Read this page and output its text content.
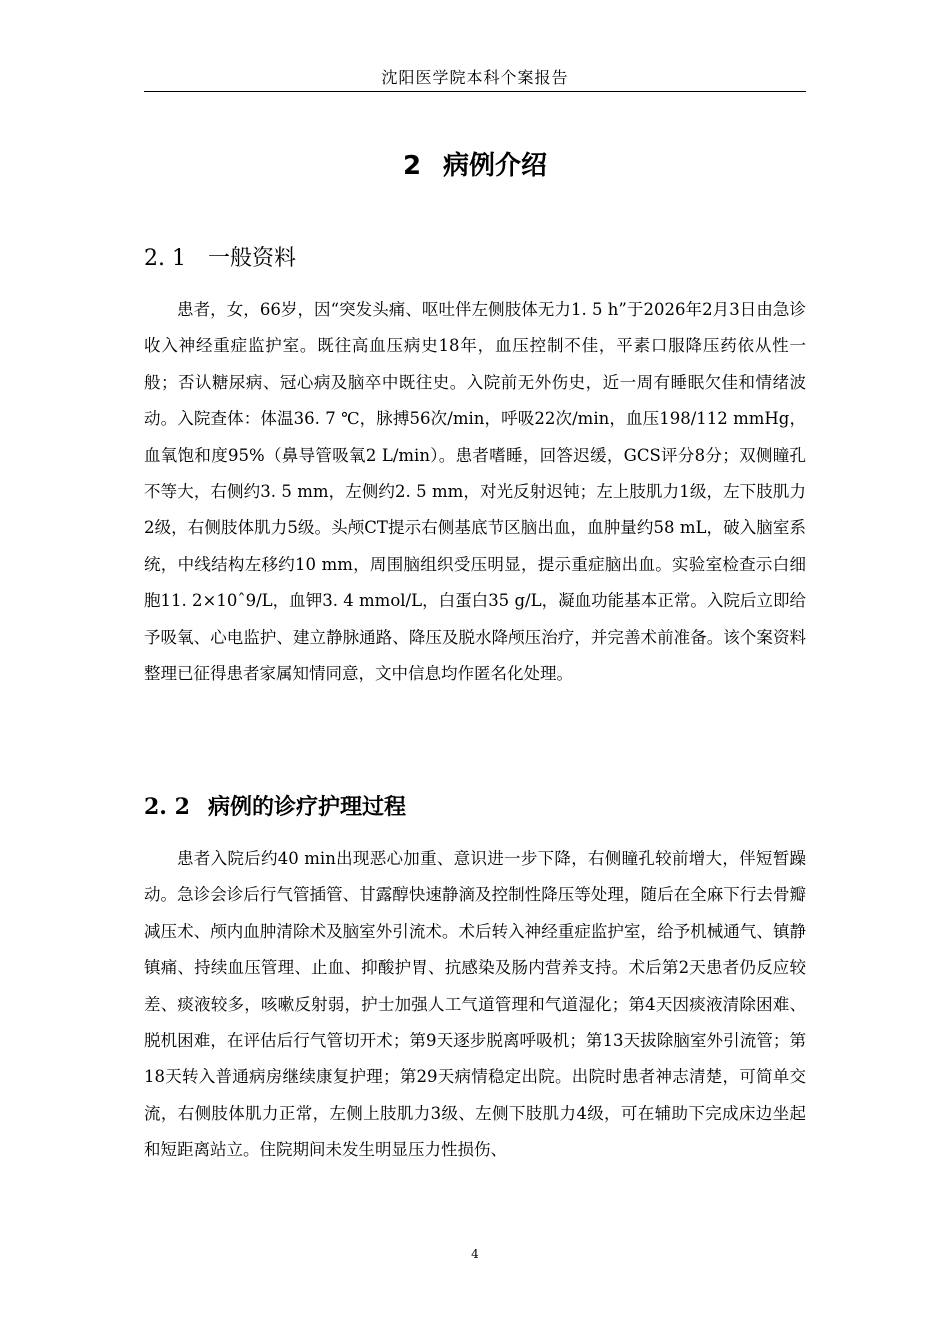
沈阳医学院本科个案报告
2 病例介绍
2. 1 一般资料

患者，女，66岁，因“突发头痛、呕吐伴左侧肢体无力1. 5 h”于2026年2月3日由急诊收入神经重症监护室。既往高血压病史18年，血压控制不佳，平素口服降压药依从性一般；否认糖尿病、冠心病及脑卒中既往史。入院前无外伤史，近一周有睡眠欠佳和情绪波动。入院查体：体温36. 7 ℃，脉搏56次/min，呼吸22次/min，血压198/112 mmHg，血氧饱和度95%（鼻导管吸氧2 L/min）。患者嗜睡，回答迟缓，GCS评分8分；双侧瞳孔不等大，右侧约3. 5 mm，左侧约2. 5 mm，对光反射迟钝；左上肢肌力1级，左下肢肌力2级，右侧肢体肌力5级。头颅CT提示右侧基底节区脑出血，血肿量约58 mL，破入脑室系统，中线结构左移约10 mm，周围脑组织受压明显，提示重症脑出血。实验室检查示白细胞11. 2×10ˆ9/L，血钾3. 4 mmol/L，白蛋白35 g/L，凝血功能基本正常。入院后立即给予吸氧、心电监护、建立静脉通路、降压及脱水降颅压治疗，并完善术前准备。该个案资料整理已征得患者家属知情同意，文中信息均作匿名化处理。

2. 2 病例的诊疗护理过程

患者入院后约40 min出现恶心加重、意识进一步下降，右侧瞳孔较前增大，伴短暂躁动。急诊会诊后行气管插管、甘露醇快速静滴及控制性降压等处理，随后在全麻下行去骨瓣减压术、颅内血肿清除术及脑室外引流术。术后转入神经重症监护室，给予机械通气、镇静镇痛、持续血压管理、止血、抑酸护胃、抗感染及肠内营养支持。术后第2天患者仍反应较差、痰液较多，咳嗽反射弱，护士加强人工气道管理和气道湿化；第4天因痰液清除困难、脱机困难，在评估后行气管切开术；第9天逐步脱离呼吸机；第13天拔除脑室外引流管；第18天转入普通病房继续康复护理；第29天病情稳定出院。出院时患者神志清楚，可简单交流，右侧肢体肌力正常，左侧上肢肌力3级、左侧下肢肌力4级，可在辅助下完成床边坐起和短距离站立。住院期间未发生明显压力性损伤、

4
